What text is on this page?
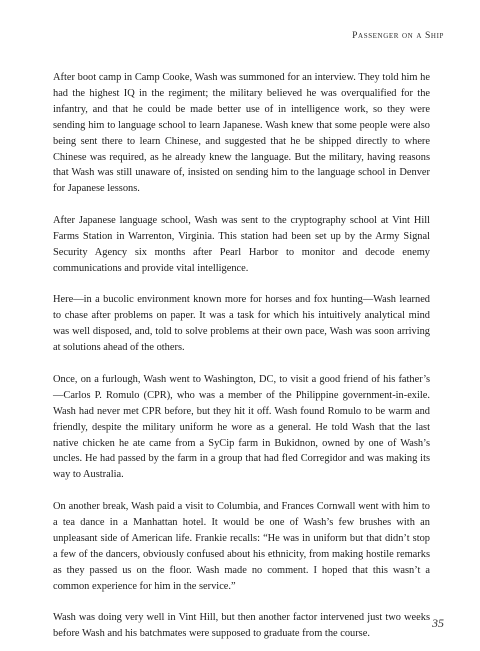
Passenger on a Ship

After boot camp in Camp Cooke, Wash was summoned for an interview. They told him he had the highest IQ in the regiment; the military believed he was overqualified for the infantry, and that he could be made better use of in intelligence work, so they were sending him to language school to learn Japanese. Wash knew that some people were also being sent there to learn Chinese, and suggested that he be shipped directly to where Chinese was required, as he already knew the language. But the military, having reasons that Wash was still unaware of, insisted on sending him to the language school in Denver for Japanese lessons.

After Japanese language school, Wash was sent to the cryptography school at Vint Hill Farms Station in Warrenton, Virginia. This station had been set up by the Army Signal Security Agency six months after Pearl Harbor to monitor and decode enemy communications and provide vital intelligence.

Here—in a bucolic environment known more for horses and fox hunting—Wash learned to chase after problems on paper. It was a task for which his intuitively analytical mind was well disposed, and, told to solve problems at their own pace, Wash was soon arriving at solutions ahead of the others.

Once, on a furlough, Wash went to Washington, DC, to visit a good friend of his father’s—Carlos P. Romulo (CPR), who was a member of the Philippine government-in-exile. Wash had never met CPR before, but they hit it off. Wash found Romulo to be warm and friendly, despite the military uniform he wore as a general. He told Wash that the last native chicken he ate came from a SyCip farm in Bukidnon, owned by one of Wash’s uncles. He had passed by the farm in a group that had fled Corregidor and was making its way to Australia.

On another break, Wash paid a visit to Columbia, and Frances Cornwall went with him to a tea dance in a Manhattan hotel. It would be one of Wash’s few brushes with an unpleasant side of American life. Frankie recalls: “He was in uniform but that didn’t stop a few of the dancers, obviously confused about his ethnicity, from making hostile remarks as they passed us on the floor. Wash made no comment. I hoped that this wasn’t a common experience for him in the service.”

Wash was doing very well in Vint Hill, but then another factor intervened just two weeks before Wash and his batchmates were supposed to graduate from the course.

35
